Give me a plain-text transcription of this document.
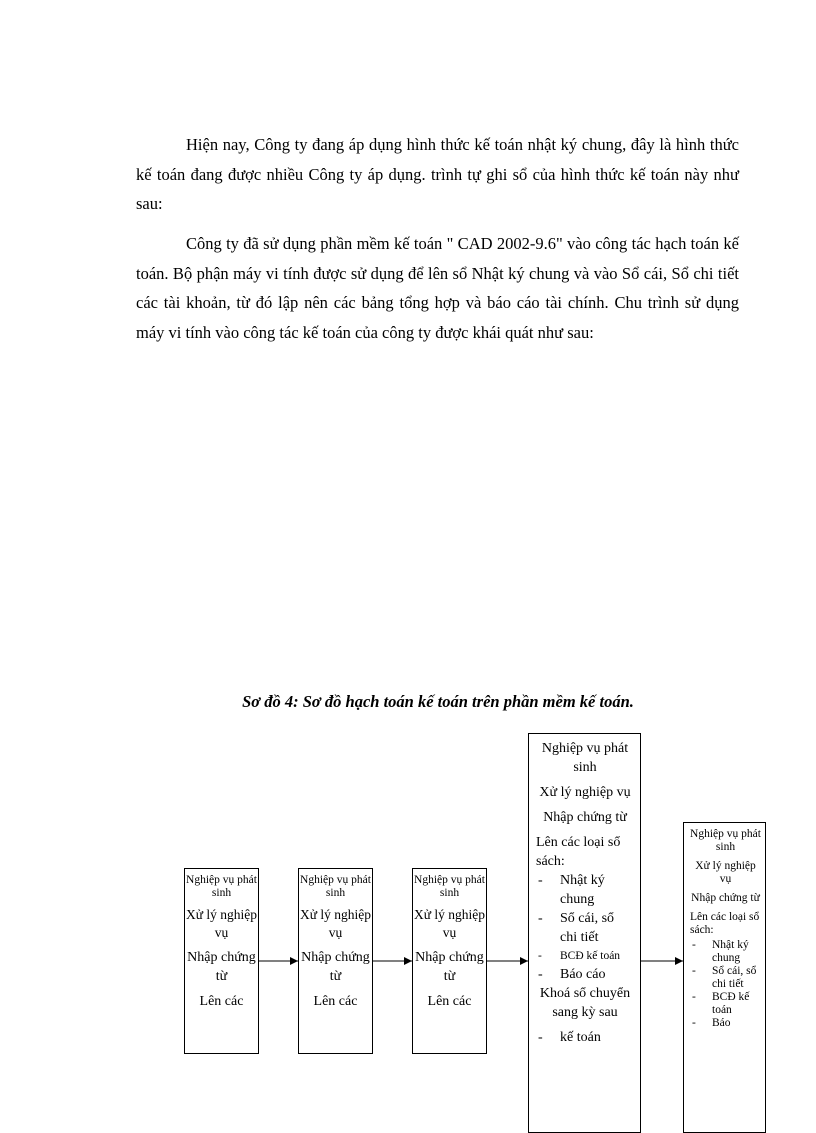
Hiện nay, Công ty đang áp dụng hình thức kế toán nhật ký chung, đây là hình thức kế toán đang được nhiều Công ty áp dụng. trình tự ghi sổ của hình thức kế toán này như sau:

Công ty đã sử dụng phần mềm kế toán " CAD 2002-9.6" vào công tác hạch toán kế toán. Bộ phận máy vi tính được sử dụng để lên sổ Nhật ký chung và vào Sổ cái, Sổ chi tiết các tài khoản, từ đó lập nên các bảng tổng hợp và báo cáo tài chính. Chu trình sử dụng máy vi tính vào công tác kế toán của công ty được khái quát như sau:

Sơ đồ 4: Sơ đồ hạch toán kế toán trên phần mềm kế toán.
Nghiệp vụ phát sinh
Xử lý nghiệp vụ
Nhập chứng từ
Lên các
Nghiệp vụ phát sinh
Xử lý nghiệp vụ
Nhập chứng từ
Lên các
Nghiệp vụ phát sinh
Xử lý nghiệp vụ
Nhập chứng từ
Lên các
Nghiệp vụ phát sinh
Xử lý nghiệp vụ
Nhập chứng từ
Lên các loại sổ sách:
- Nhật ký chung
- Sổ cái, sổ chi tiết
- BCĐ kế toán
- Báo cáo
Khoá sổ chuyển sang kỳ sau
- kế toán
Nghiệp vụ phát sinh
Xử lý nghiệp vụ
Nhập chứng từ
Lên các loại sổ sách:
- Nhật ký chung
- Sổ cái, sổ chi tiết
- BCĐ kế toán
- Báo
